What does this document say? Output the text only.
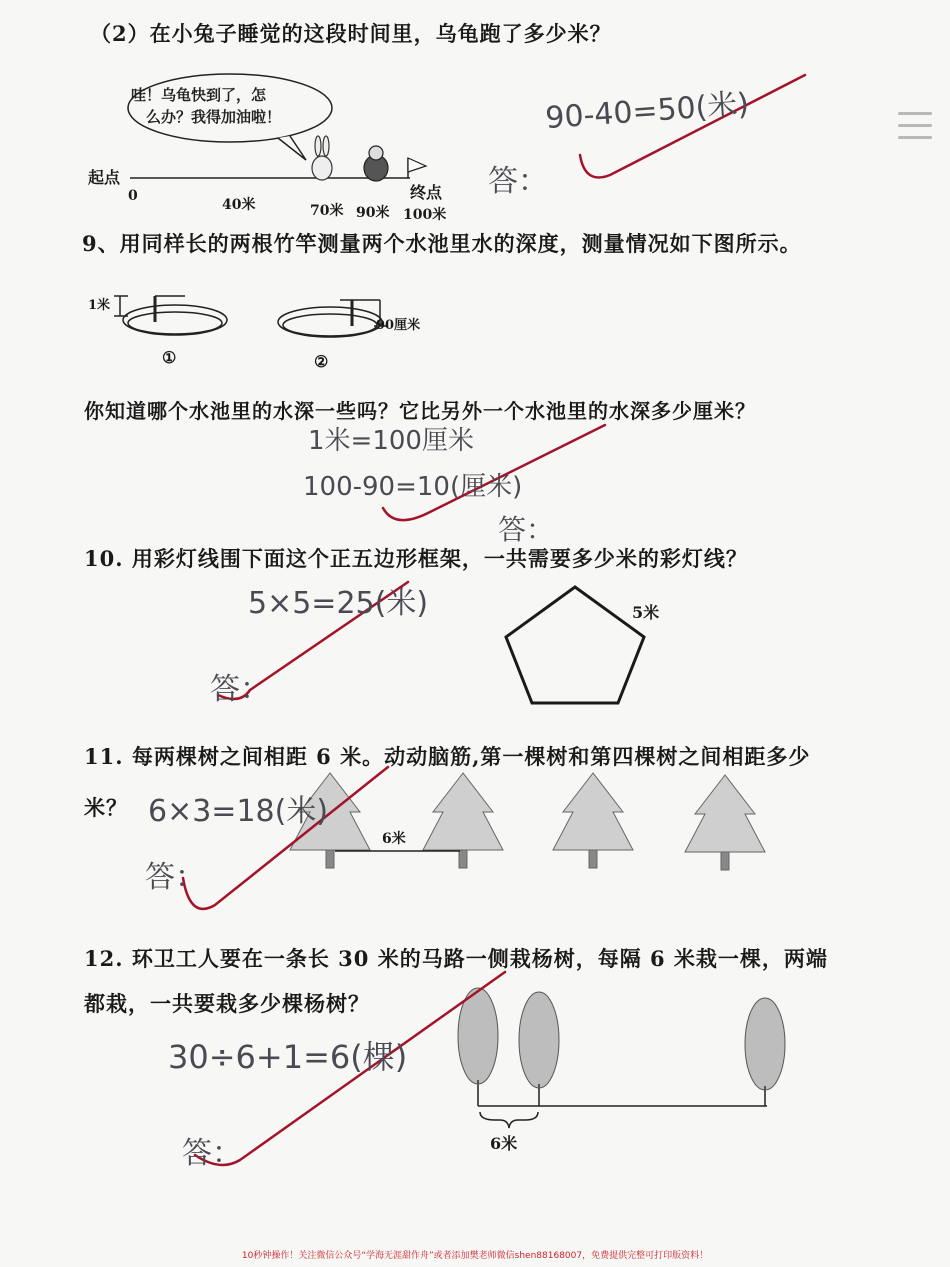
（2）在小兔子睡觉的这段时间里，乌龟跑了多少米？
哇！乌龟快到了，怎
么办？我得加油啦！
起点
终点
0
40米	70米 90米 100米
90-40=50(米)
答：
9、用同样长的两根竹竿测量两个水池里水的深度，测量情况如下图所示。
1米
90厘米
①	②
你知道哪个水池里的水深一些吗？它比另外一个水池里的水深多少厘米？
1米=100厘米
100-90=10(厘米)
答：
10. 用彩灯线围下面这个正五边形框架，一共需要多少米的彩灯线？
5米
5×5=25(米)
答：
11. 每两棵树之间相距 6 米。动动脑筋,第一棵树和第四棵树之间相距多少
米？
6米
6×3=18(米)
答：
12. 环卫工人要在一条长 30 米的马路一侧栽杨树，每隔 6 米栽一棵，两端
都栽，一共要栽多少棵杨树？
6米
30÷6+1=6(棵)
答：
10秒钟操作！关注微信公众号“学海无涯甜作舟”或者添加樊老师微信shen88168007，免费提供完整可打印版资料！
